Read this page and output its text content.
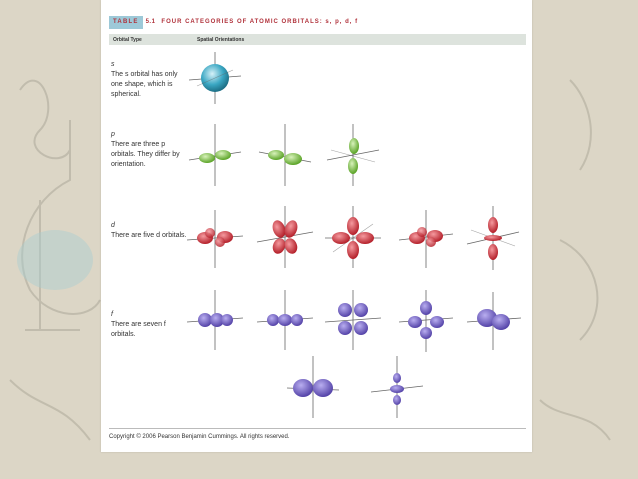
TABLE	5.1 FOUR CATEGORIES OF ATOMIC ORBITALS: s, p, d, f
Orbital Type	Spatial Orientations
s
The s orbital has only one shape, which is spherical.
p
There are three p orbitals. They differ by orientation.
d
There are five d orbitals.
f
There are seven f orbitals.
Copyright © 2006 Pearson Benjamin Cummings. All rights reserved.
